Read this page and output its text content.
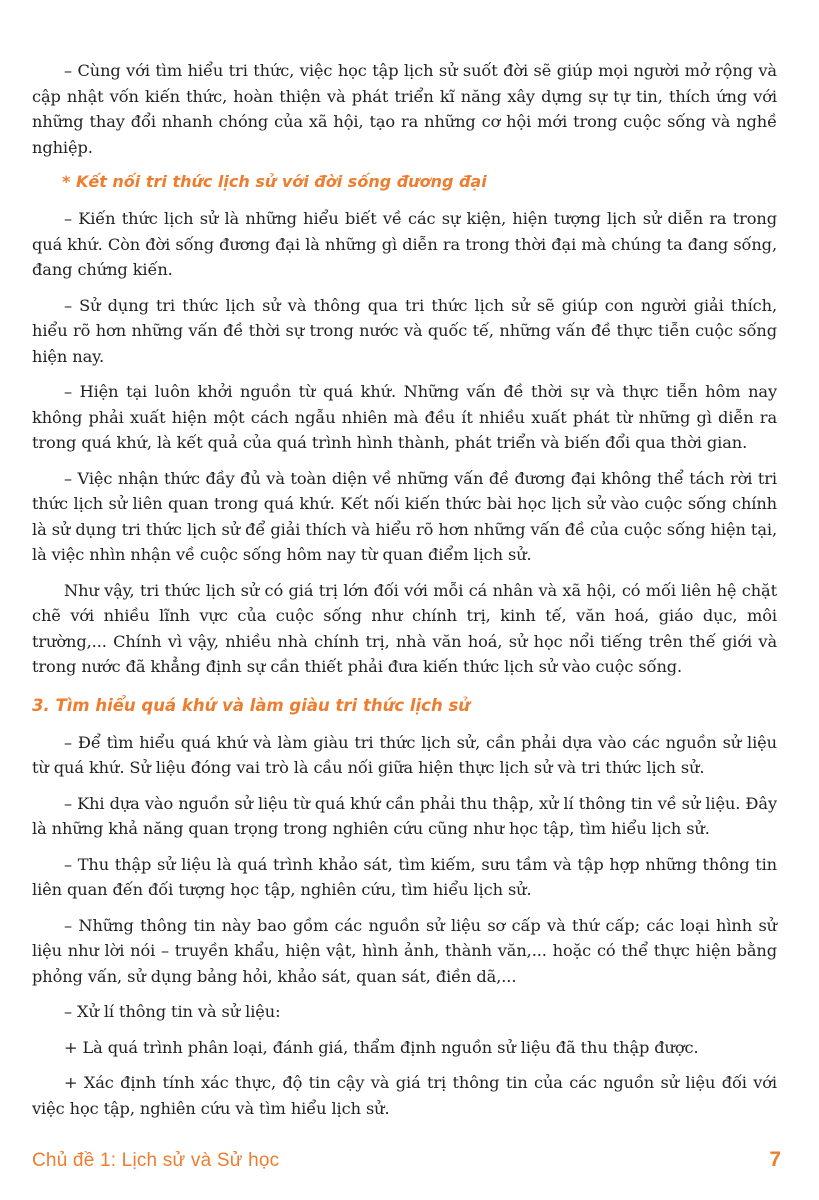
– Cùng với tìm hiểu tri thức, việc học tập lịch sử suốt đời sẽ giúp mọi người mở rộng và cập nhật vốn kiến thức, hoàn thiện và phát triển kĩ năng xây dựng sự tự tin, thích ứng với những thay đổi nhanh chóng của xã hội, tạo ra những cơ hội mới trong cuộc sống và nghề nghiệp.

* Kết nối tri thức lịch sử với đời sống đương đại

– Kiến thức lịch sử là những hiểu biết về các sự kiện, hiện tượng lịch sử diễn ra trong quá khứ. Còn đời sống đương đại là những gì diễn ra trong thời đại mà chúng ta đang sống, đang chứng kiến.

– Sử dụng tri thức lịch sử và thông qua tri thức lịch sử sẽ giúp con người giải thích, hiểu rõ hơn những vấn đề thời sự trong nước và quốc tế, những vấn đề thực tiễn cuộc sống hiện nay.

– Hiện tại luôn khởi nguồn từ quá khứ. Những vấn đề thời sự và thực tiễn hôm nay không phải xuất hiện một cách ngẫu nhiên mà đều ít nhiều xuất phát từ những gì diễn ra trong quá khứ, là kết quả của quá trình hình thành, phát triển và biến đổi qua thời gian.

– Việc nhận thức đầy đủ và toàn diện về những vấn đề đương đại không thể tách rời tri thức lịch sử liên quan trong quá khứ. Kết nối kiến thức bài học lịch sử vào cuộc sống chính là sử dụng tri thức lịch sử để giải thích và hiểu rõ hơn những vấn đề của cuộc sống hiện tại, là việc nhìn nhận về cuộc sống hôm nay từ quan điểm lịch sử.

Như vậy, tri thức lịch sử có giá trị lớn đối với mỗi cá nhân và xã hội, có mối liên hệ chặt chẽ với nhiều lĩnh vực của cuộc sống như chính trị, kinh tế, văn hoá, giáo dục, môi trường,... Chính vì vậy, nhiều nhà chính trị, nhà văn hoá, sử học nổi tiếng trên thế giới và trong nước đã khẳng định sự cần thiết phải đưa kiến thức lịch sử vào cuộc sống.

3. Tìm hiểu quá khứ và làm giàu tri thức lịch sử

– Để tìm hiểu quá khứ và làm giàu tri thức lịch sử, cần phải dựa vào các nguồn sử liệu từ quá khứ. Sử liệu đóng vai trò là cầu nối giữa hiện thực lịch sử và tri thức lịch sử.

– Khi dựa vào nguồn sử liệu từ quá khứ cần phải thu thập, xử lí thông tin về sử liệu. Đây là những khả năng quan trọng trong nghiên cứu cũng như học tập, tìm hiểu lịch sử.

– Thu thập sử liệu là quá trình khảo sát, tìm kiếm, sưu tầm và tập hợp những thông tin liên quan đến đối tượng học tập, nghiên cứu, tìm hiểu lịch sử.

– Những thông tin này bao gồm các nguồn sử liệu sơ cấp và thứ cấp; các loại hình sử liệu như lời nói – truyền khẩu, hiện vật, hình ảnh, thành văn,... hoặc có thể thực hiện bằng phỏng vấn, sử dụng bảng hỏi, khảo sát, quan sát, điền dã,...

– Xử lí thông tin và sử liệu:

+ Là quá trình phân loại, đánh giá, thẩm định nguồn sử liệu đã thu thập được.

+ Xác định tính xác thực, độ tin cậy và giá trị thông tin của các nguồn sử liệu đối với việc học tập, nghiên cứu và tìm hiểu lịch sử.

Chủ đề 1: Lịch sử và Sử học	7
